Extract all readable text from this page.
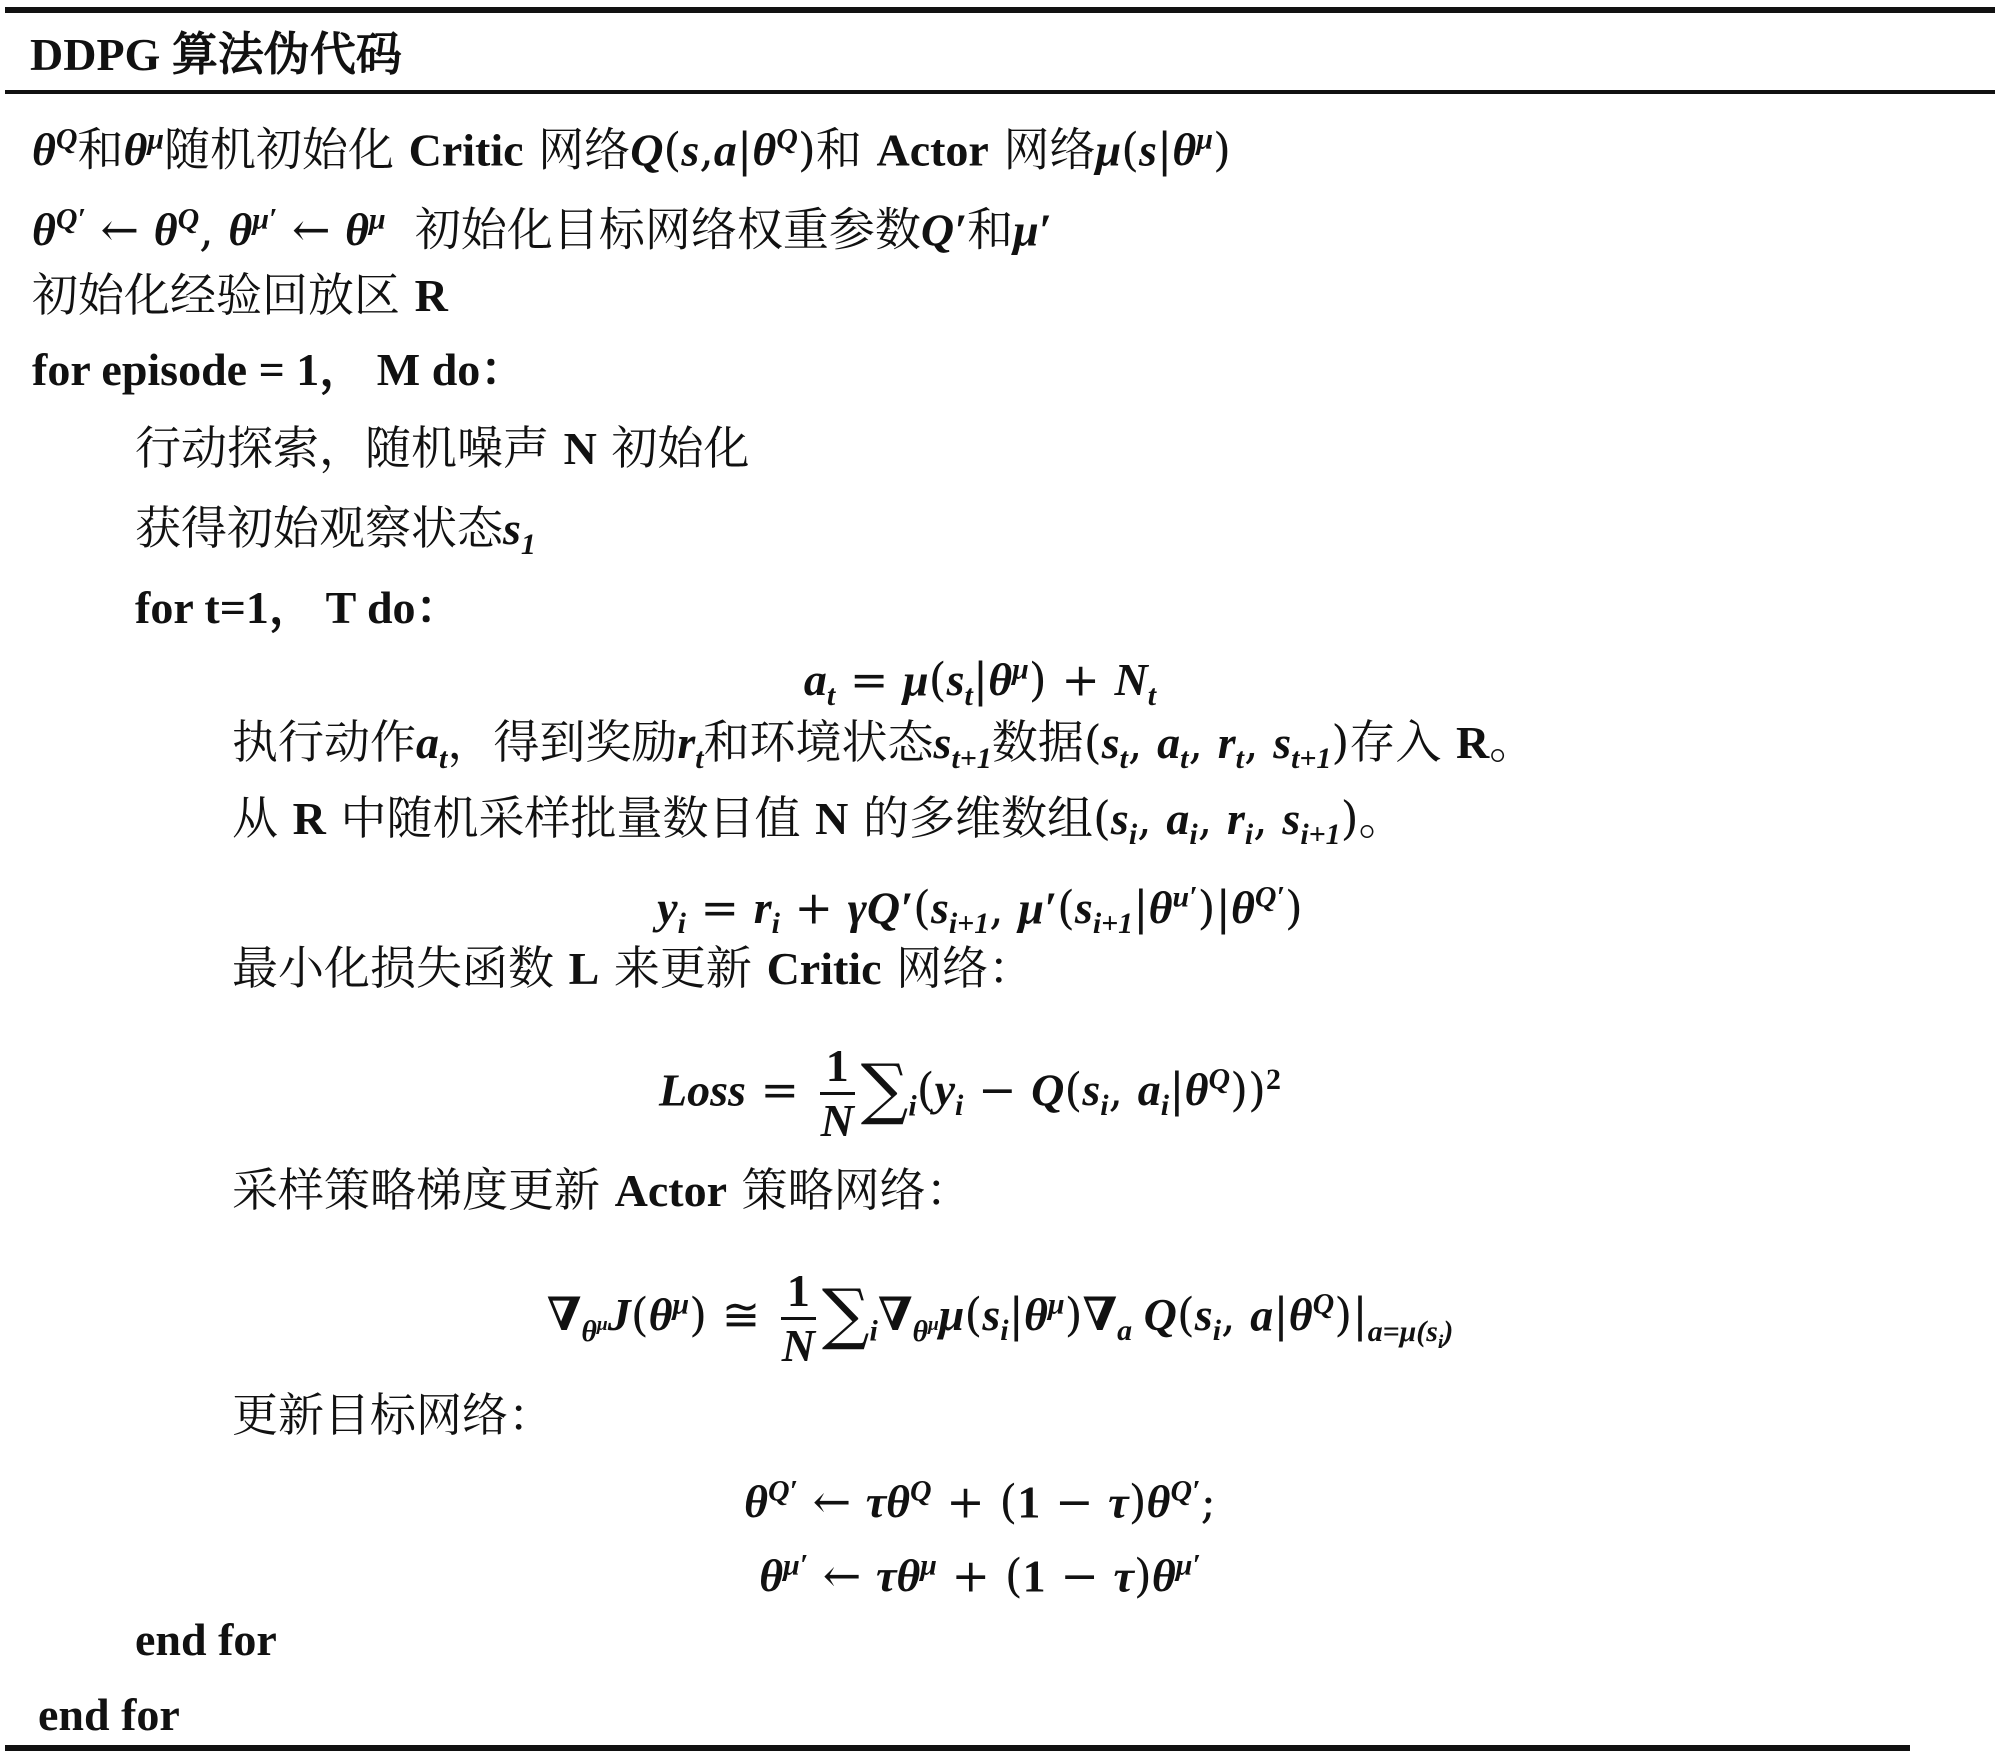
DDPG 算法伪代码
$\theta^Q$和$\theta^\mu$随机初始化 Critic 网络$Q(s,a|\theta^Q)$和 Actor 网络$\mu(s|\theta^\mu)$
$\theta^{Q'}$ ← $\theta^Q$, $\theta^{\mu'}$ ← $\theta^\mu$ 初始化目标网络权重参数Q′和μ′
初始化经验回放区 R
for episode = 1， M do：
行动探索，随机噪声 N 初始化
获得初始观察状态$s_1$
for t=1， T do：
$a_t = \mu(s_t|\theta^\mu) + N_t$
执行动作$a_t$，得到奖励$r_t$和环境状态$s_{t+1}$数据($s_t$, $a_t$, $r_t$, $s_{t+1}$)存入 R。
从 R 中随机采样批量数目值 N 的多维数组($s_i$, $a_i$, $r_i$, $s_{i+1}$)。
$y_i = r_i + \gamma Q'(s_{i+1}$, $\mu'(s_{i+1}|\theta^{u'})|\theta^{Q'}$)
最小化损失函数 L 来更新 Critic 网络：
Loss = $\frac{1}{N} \sum_i(y_i - Q(s_i$, $a_i|\theta^Q))^2$
采样策略梯度更新 Actor 策略网络：
$\nabla_{\theta^\mu}J(\theta^\mu)$ ≅ $\frac{1}{N} \sum_i\nabla_{\theta^\mu}\mu(s_i|\theta^\mu)\nabla_a$ $Q(s_i$, $a|\theta^Q)|_{a=\mu(s_i)}$
更新目标网络：
$\theta^{Q'}$ ← $\tau\theta^Q + (1 - \tau)\theta^{Q'}$;
$\theta^{\mu'}$ ← $\tau\theta^\mu + (1 - \tau)\theta^{\mu'}$
end for
end for
